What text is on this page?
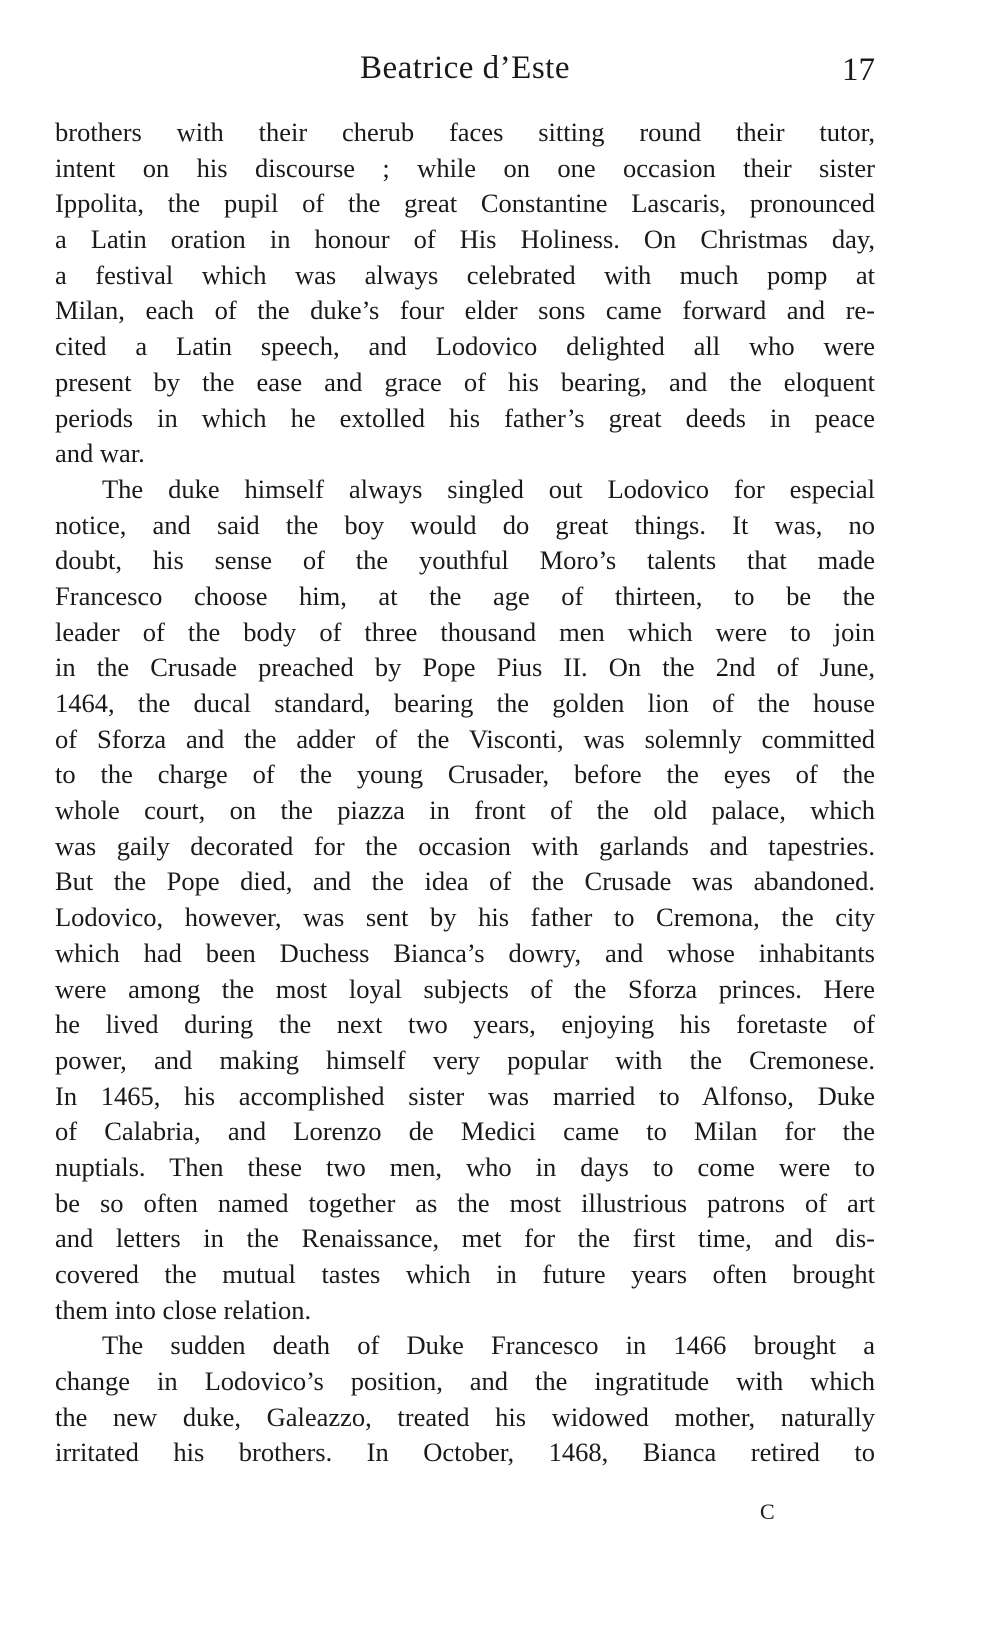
Beatrice d’Este	17
brothers with their cherub faces sitting round their tutor,
intent on his discourse ; while on one occasion their sister
Ippolita, the pupil of the great Constantine Lascaris, pronounced
a Latin oration in honour of His Holiness. On Christmas day,
a festival which was always celebrated with much pomp at
Milan, each of the duke’s four elder sons came forward and re-
cited a Latin speech, and Lodovico delighted all who were
present by the ease and grace of his bearing, and the eloquent
periods in which he extolled his father’s great deeds in peace
and war.
The duke himself always singled out Lodovico for especial
notice, and said the boy would do great things. It was, no
doubt, his sense of the youthful Moro’s talents that made
Francesco choose him, at the age of thirteen, to be the
leader of the body of three thousand men which were to join
in the Crusade preached by Pope Pius II. On the 2nd of June,
1464, the ducal standard, bearing the golden lion of the house
of Sforza and the adder of the Visconti, was solemnly committed
to the charge of the young Crusader, before the eyes of the
whole court, on the piazza in front of the old palace, which
was gaily decorated for the occasion with garlands and tapestries.
But the Pope died, and the idea of the Crusade was abandoned.
Lodovico, however, was sent by his father to Cremona, the city
which had been Duchess Bianca’s dowry, and whose inhabitants
were among the most loyal subjects of the Sforza princes. Here
he lived during the next two years, enjoying his foretaste of
power, and making himself very popular with the Cremonese.
In 1465, his accomplished sister was married to Alfonso, Duke
of Calabria, and Lorenzo de Medici came to Milan for the
nuptials. Then these two men, who in days to come were to
be so often named together as the most illustrious patrons of art
and letters in the Renaissance, met for the first time, and dis-
covered the mutual tastes which in future years often brought
them into close relation.
The sudden death of Duke Francesco in 1466 brought a
change in Lodovico’s position, and the ingratitude with which
the new duke, Galeazzo, treated his widowed mother, naturally
irritated his brothers. In October, 1468, Bianca retired to
C
